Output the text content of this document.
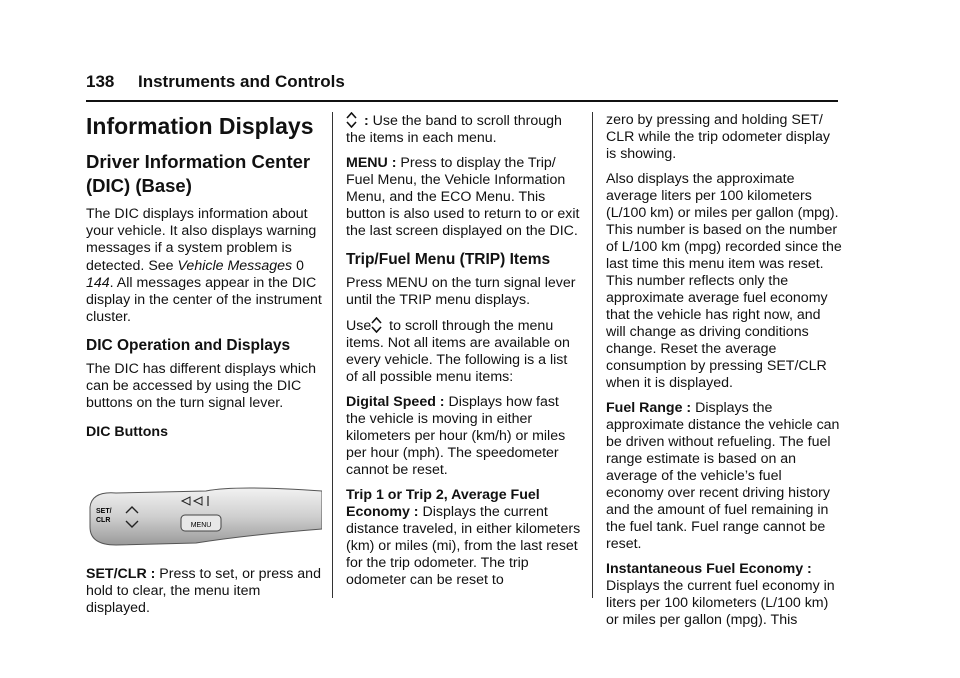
138 Instruments and Controls
Information Displays
Driver Information Center (DIC) (Base)

The DIC displays information about your vehicle. It also displays warning messages if a system problem is detected. See Vehicle Messages 0 144. All messages appear in the DIC display in the center of the instrument cluster.

DIC Operation and Displays

The DIC has different displays which can be accessed by using the DIC buttons on the turn signal lever.

DIC Buttons

MENU
SET/
CLR

SET/CLR : Press to set, or press and hold to clear, the menu item displayed.

: Use the band to scroll through the items in each menu.

MENU : Press to display the Trip/ Fuel Menu, the Vehicle Information Menu, and the ECO Menu. This button is also used to return to or exit the last screen displayed on the DIC.

Trip/Fuel Menu (TRIP) Items

Press MENU on the turn signal lever until the TRIP menu displays.

Use to scroll through the menu items. Not all items are available on every vehicle. The following is a list of all possible menu items:

Digital Speed : Displays how fast the vehicle is moving in either kilometers per hour (km/h) or miles per hour (mph). The speedometer cannot be reset.

Trip 1 or Trip 2, Average Fuel Economy : Displays the current distance traveled, in either kilometers (km) or miles (mi), from the last reset for the trip odometer. The trip odometer can be reset to

zero by pressing and holding SET/ CLR while the trip odometer display is showing.

Also displays the approximate average liters per 100 kilometers (L/100 km) or miles per gallon (mpg). This number is based on the number of L/100 km (mpg) recorded since the last time this menu item was reset. This number reflects only the approximate average fuel economy that the vehicle has right now, and will change as driving conditions change. Reset the average consumption by pressing SET/CLR when it is displayed.

Fuel Range : Displays the approximate distance the vehicle can be driven without refueling. The fuel range estimate is based on an average of the vehicle’s fuel economy over recent driving history and the amount of fuel remaining in the fuel tank. Fuel range cannot be reset.

Instantaneous Fuel Economy : Displays the current fuel economy in liters per 100 kilometers (L/100 km) or miles per gallon (mpg). This
